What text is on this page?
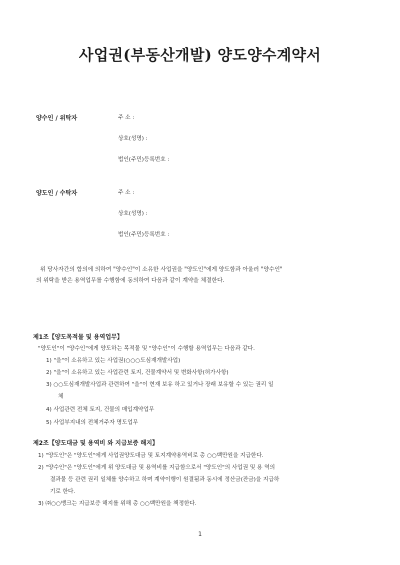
사업권(부동산개발) 양도양수계약서
양수인 / 위탁자	주 소 :
상호(성명) :
법인(주민)등록번호 :
양도인 / 수탁자	주 소 :
상호(성명) :
법인(주민)등록번호 :
위 당사자간의 합의에 의하여 "양수인"이 소유한 사업권을 "양도인"에게 양도함과 아울러 "양수인"
의 위탁을 받은 용역업무를 수행함에 동의하여 다음과 같이 계약을 체결한다.
제1조【양도목적물 및 용역업무】
"양도인"이 "양수인"에게 양도하는 목적물 및 "양수인"이 수행할 용역업무는 다음과 같다.
1) "을"이 소유하고 있는 사업권(○○○도심재개발사업)
2) "을"이 소유하고 있는 사업관련 토지, 건물계약서 및 변화사항(허가사항)
3) ○○도심재개발사업과 관련하여 "을"이 현재 보유 하고 있거나 장래 보유할 수 있는 권리 일
체
4) 사업관련 전체 토지, 건물의 매입계약업무
5) 사업부지내의 전체거주자 명도업무
제2조【양도대금 및 용역비 와 지급보증 해지】
1) "양도인"은 "양도인"에게 사업권양도대금 및 토지계약용역비로 총 ○○백만원을 지급한다.
2) "양수인"은 "양도인"에게 위 양도대금 및 용역비를 지급함으로서 "양도인"의 사업권 및 용 역의
결과물 등 관련 권리 일체를 양수하고 하며 계약이행이 원결됨과 동시에 정산금(잔금)을 지급하
기로 한다.
3) ㈜○○뱅크는 지급보증 해지를 위해 총 ○○백만원을 책정한다.
1
